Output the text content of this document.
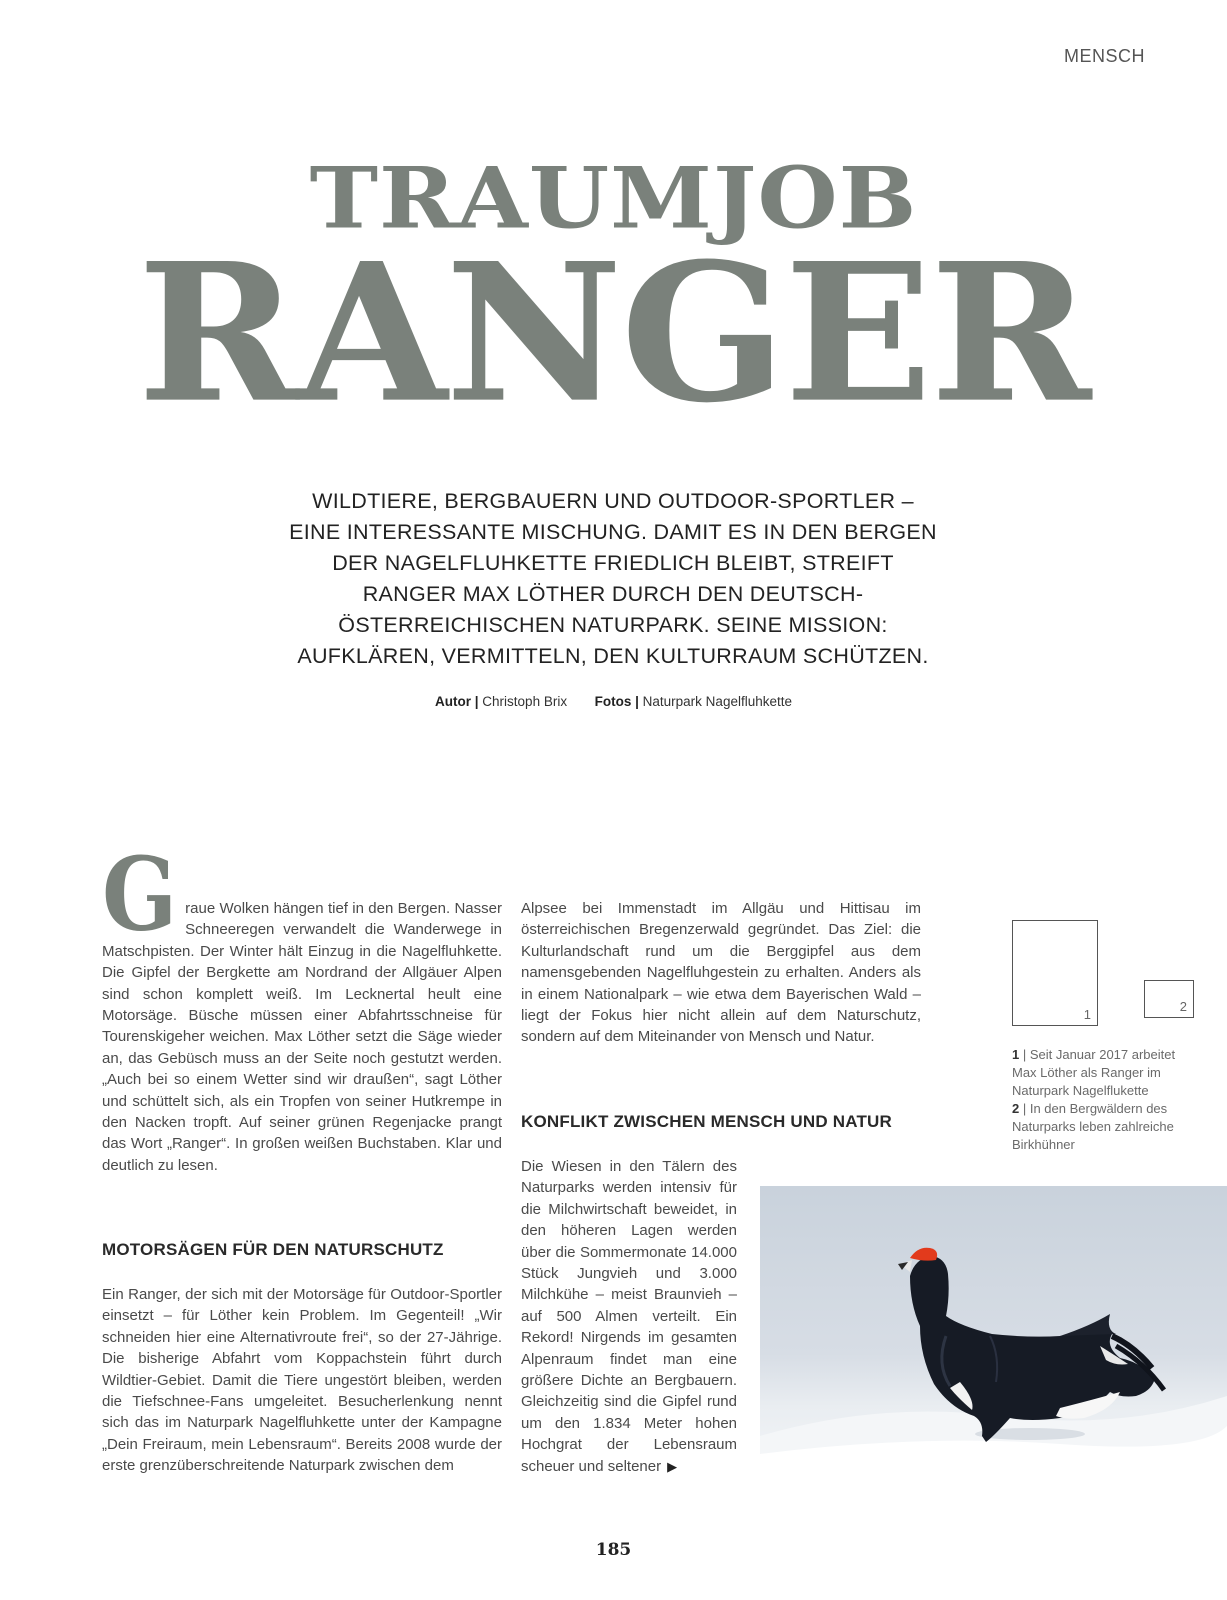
MENSCH
TRAUMJOB
RANGER
WILDTIERE, BERGBAUERN UND OUTDOOR-SPORTLER –
EINE INTERESSANTE MISCHUNG. DAMIT ES IN DEN BERGEN
DER NAGELFLUHKETTE FRIEDLICH BLEIBT, STREIFT
RANGER MAX LÖTHER DURCH DEN DEUTSCH-
ÖSTERREICHISCHEN NATURPARK. SEINE MISSION:
AUFKLÄREN, VERMITTELN, DEN KULTURRAUM SCHÜTZEN.
Autor | Christoph Brix Fotos | Naturpark Nagelfluhkette

Graue Wolken hängen tief in den Bergen. Nasser Schneeregen verwandelt die Wanderwege in Matschpisten. Der Winter hält Einzug in die Nagelfluhkette. Die Gipfel der Bergkette am Nordrand der Allgäuer Alpen sind schon komplett weiß. Im Lecknertal heult eine Motorsäge. Büsche müssen einer Abfahrtsschneise für Tourenskigeher weichen. Max Löther setzt die Säge wieder an, das Gebüsch muss an der Seite noch gestutzt werden. „Auch bei so einem Wetter sind wir draußen“, sagt Löther und schüttelt sich, als ein Tropfen von seiner Hutkrempe in den Nacken tropft. Auf seiner grünen Regenjacke prangt das Wort „Ranger“. In großen weißen Buchstaben. Klar und deutlich zu lesen.

MOTORSÄGEN FÜR DEN NATURSCHUTZ

Ein Ranger, der sich mit der Motorsäge für Outdoor-Sportler einsetzt – für Löther kein Problem. Im Gegenteil! „Wir schneiden hier eine Alternativroute frei“, so der 27-Jährige. Die bisherige Abfahrt vom Koppachstein führt durch Wildtier-Gebiet. Damit die Tiere ungestört bleiben, werden die Tiefschnee-Fans umgeleitet. Besucherlenkung nennt sich das im Naturpark Nagelfluhkette unter der Kampagne „Dein Freiraum, mein Lebensraum“. Bereits 2008 wurde der erste grenzüberschreitende Naturpark zwischen dem

Alpsee bei Immenstadt im Allgäu und Hittisau im österreichischen Bregenzerwald gegründet. Das Ziel: die Kulturlandschaft rund um die Berggipfel aus dem namensgebenden Nagelfluhgestein zu erhalten. Anders als in einem Nationalpark – wie etwa dem Bayerischen Wald – liegt der Fokus hier nicht allein auf dem Naturschutz, sondern auf dem Miteinander von Mensch und Natur.

KONFLIKT ZWISCHEN MENSCH UND NATUR

Die Wiesen in den Tälern des Naturparks werden intensiv für die Milchwirtschaft beweidet, in den höheren Lagen werden über die Sommermonate 14.000 Stück Jungvieh und 3.000 Milchkühe – meist Braunvieh – auf 500 Almen verteilt. Ein Rekord! Nirgends im gesamten Alpenraum findet man eine größere Dichte an Bergbauern. Gleichzeitig sind die Gipfel rund um den 1.834 Meter hohen Hochgrat der Lebensraum scheuer und seltener ▶

1
2

1 | Seit Januar 2017 arbeitet Max Löther als Ranger im Naturpark Nagelflukette

2 | In den Bergwäldern des Naturparks leben zahlreiche Birkhühner

185
